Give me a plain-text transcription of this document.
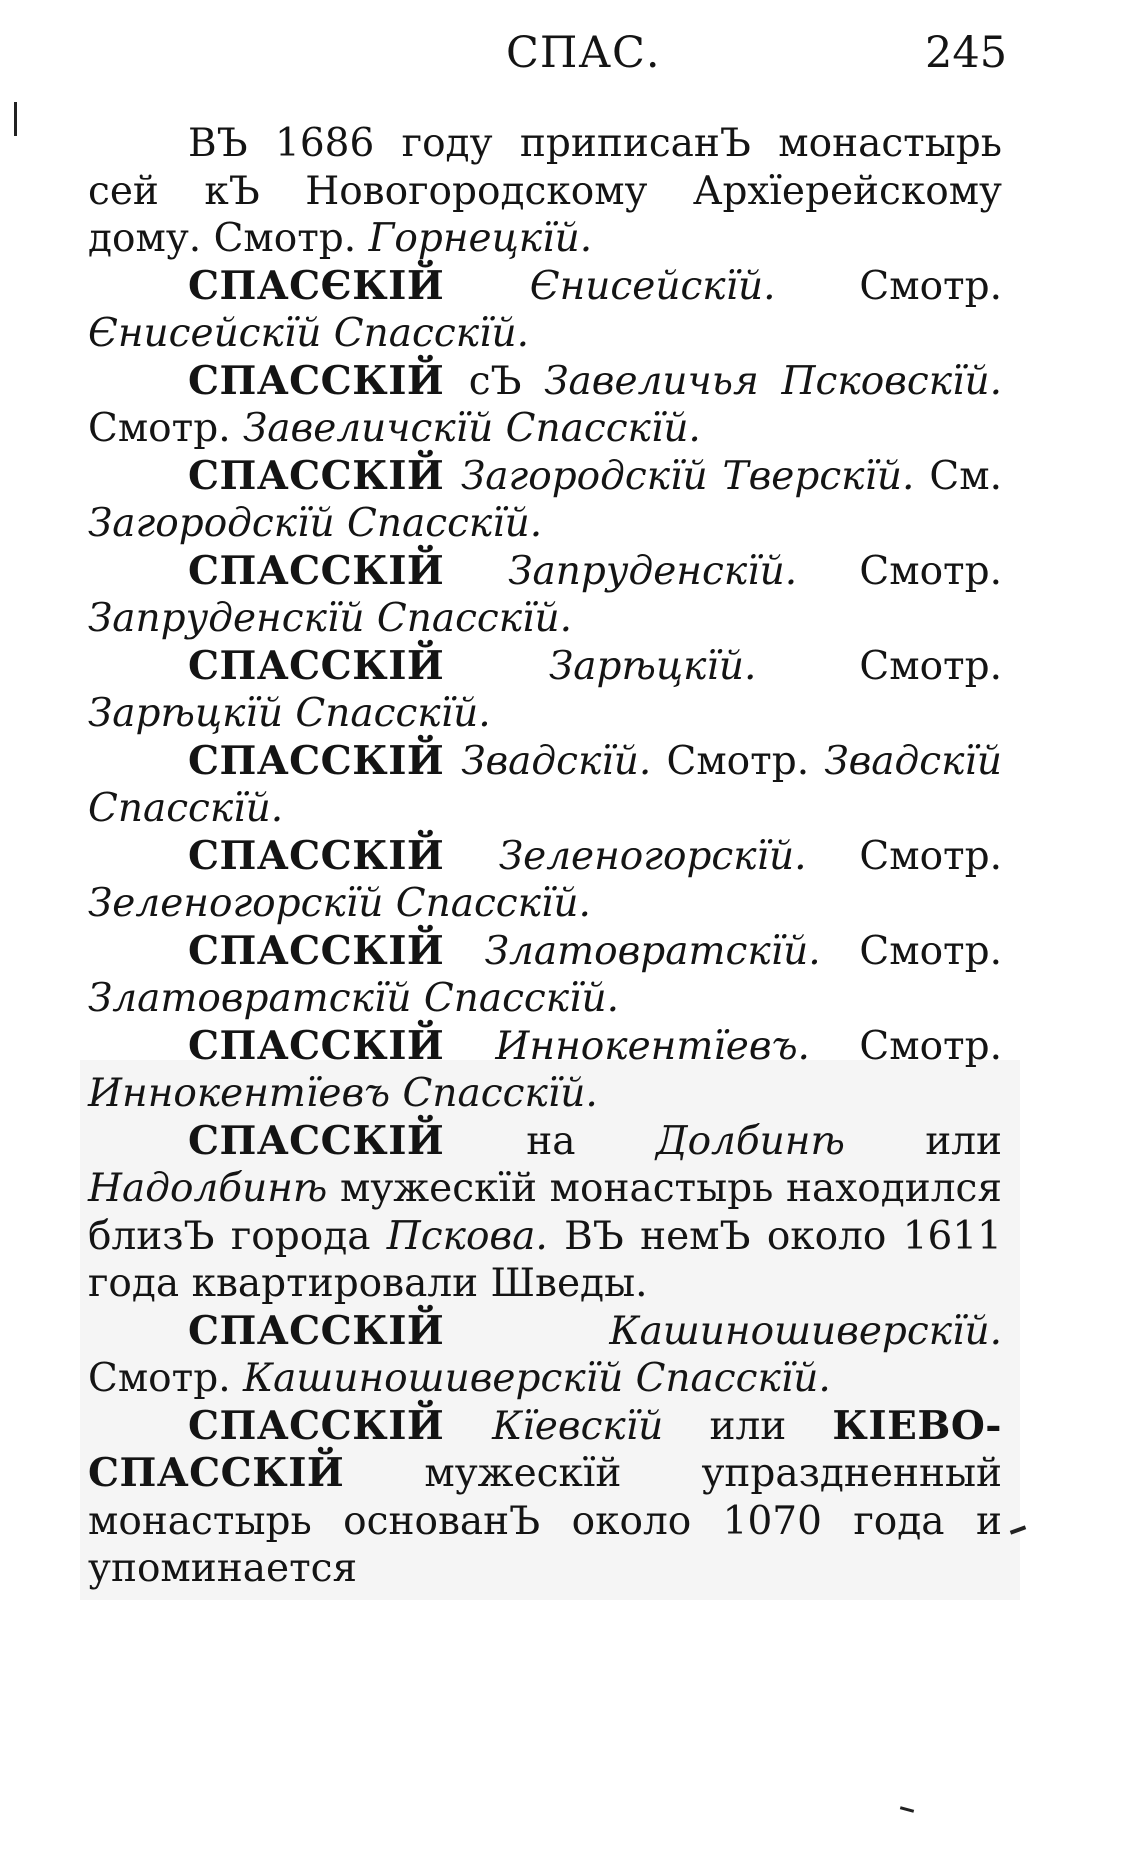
СПАС.	245

ВЪ 1686 году приписанЪ монастырь сей кЪ Новогородскому Архїерейскому дому. Смотр. Горнецкїй.

СПАСЄКІЙ Єнисейскїй. Смотр. Єнисейскїй Спасскїй.

СПАССКІЙ сЪ Завеличья Псковскїй. Смотр. Завеличскїй Спасскїй.

СПАССКІЙ Загородскїй Тверскїй. См. Загородскїй Спасскїй.

СПАССКІЙ Запруденскїй. Смотр. Запруденскїй Спасскїй.

СПАССКІЙ Зарѣцкїй. Смотр. Зарѣцкїй Спасскїй.

СПАССКІЙ Звадскїй. Смотр. Звадскїй Спасскїй.

СПАССКІЙ Зеленогорскїй. Смотр. Зеленогорскїй Спасскїй.

СПАССКІЙ Златовратскїй. Смотр. Златовратскїй Спасскїй.

СПАССКІЙ Иннокентїевъ. Смотр. Иннокентїевъ Спасскїй.

СПАССКІЙ на Долбинѣ или Надолбинѣ мужескїй монастырь находился близЪ города Пскова. ВЪ немЪ около 1611 года квартировали Шведы.

СПАССКІЙ Кашиношиверскїй. Смотр. Кашиношиверскїй Спасскїй.

СПАССКІЙ Кїевскїй или КІЕВО-СПАССКІЙ мужескїй упраздненный монастырь основанЪ около 1070 года и упоминается
